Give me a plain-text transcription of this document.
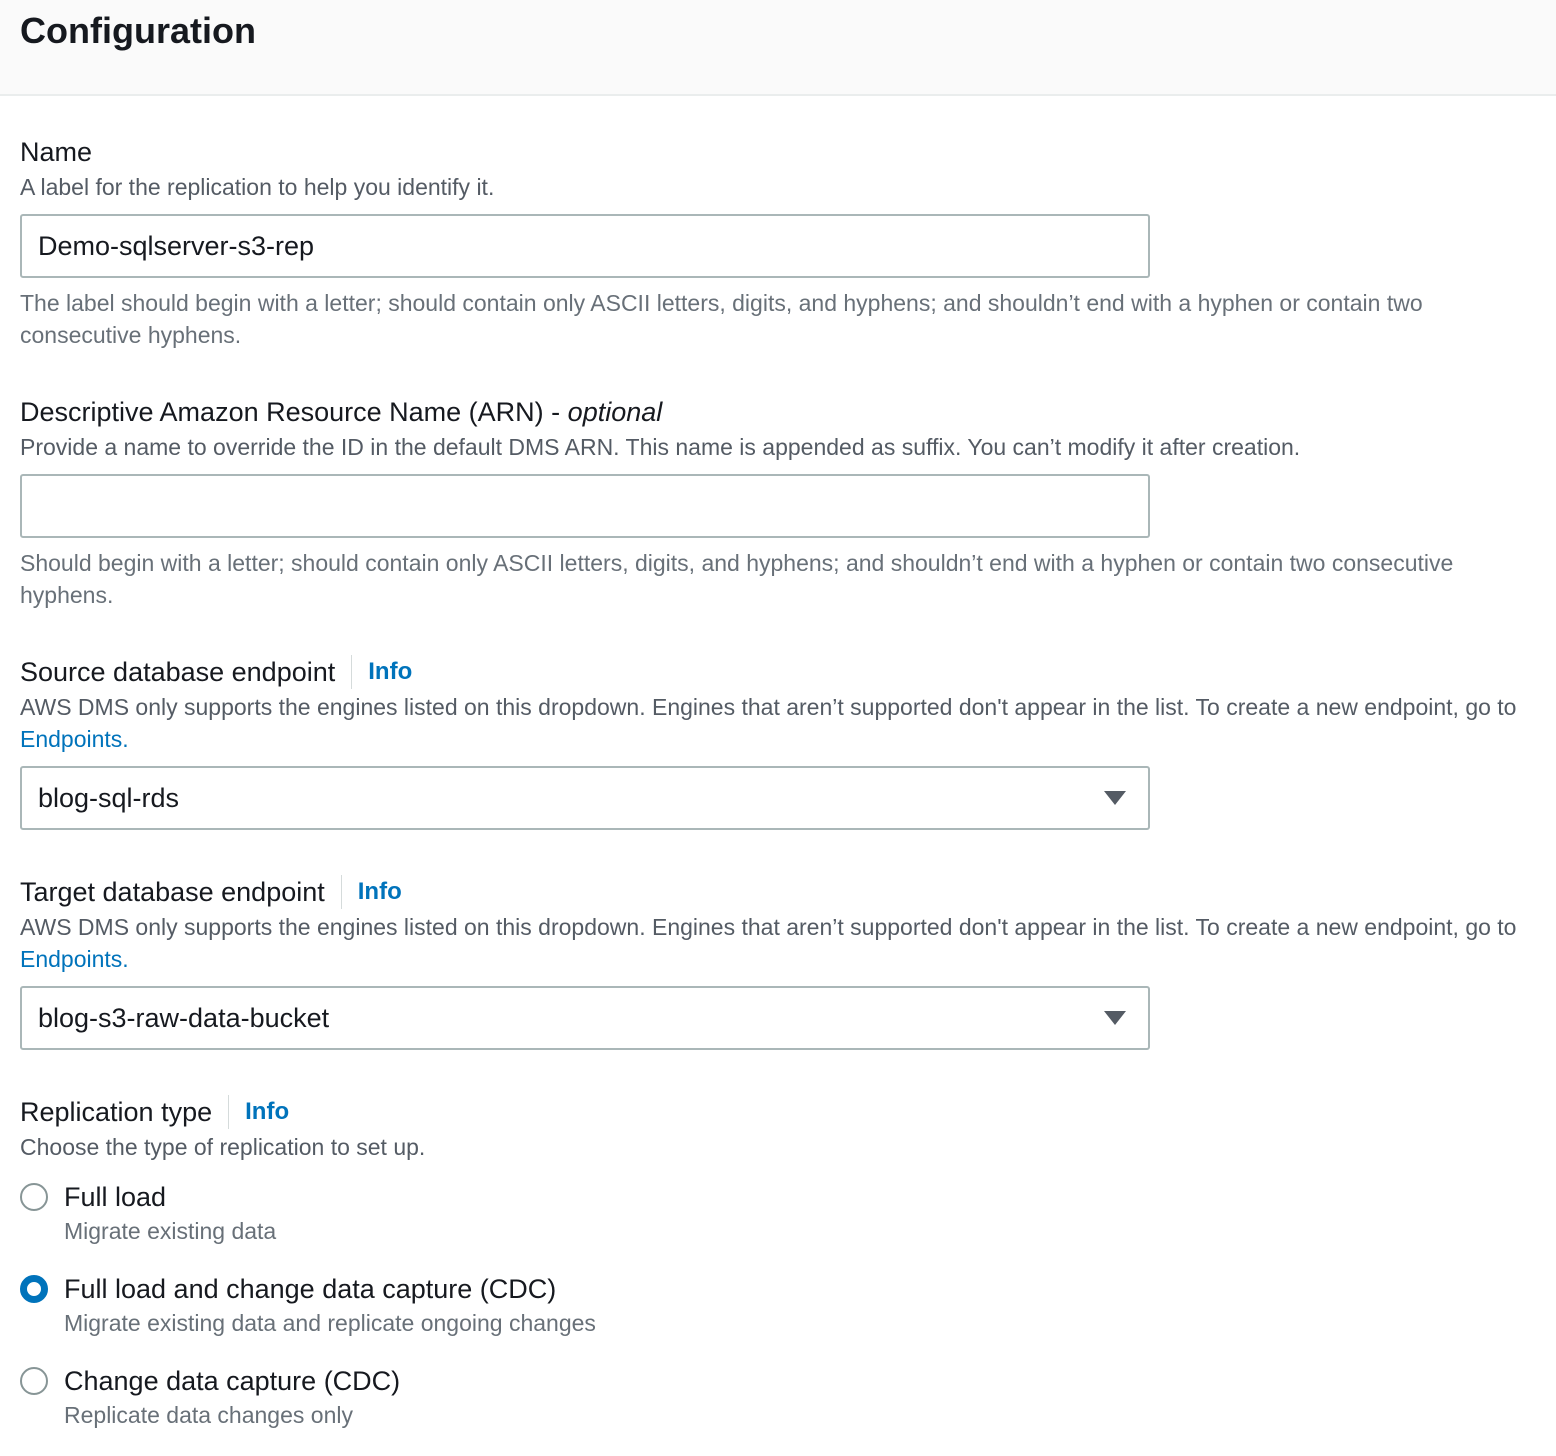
Configuration
Name
A label for the replication to help you identify it.
Demo-sqlserver-s3-rep
The label should begin with a letter; should contain only ASCII letters, digits, and hyphens; and shouldn’t end with a hyphen or contain two consecutive hyphens.
Descriptive Amazon Resource Name (ARN) - optional
Provide a name to override the ID in the default DMS ARN. This name is appended as suffix. You can’t modify it after creation.
Should begin with a letter; should contain only ASCII letters, digits, and hyphens; and shouldn’t end with a hyphen or contain two consecutive hyphens.
Source database endpoint Info
AWS DMS only supports the engines listed on this dropdown. Engines that aren’t supported don't appear in the list. To create a new endpoint, go to Endpoints.
blog-sql-rds
Target database endpoint Info
AWS DMS only supports the engines listed on this dropdown. Engines that aren’t supported don't appear in the list. To create a new endpoint, go to Endpoints.
blog-s3-raw-data-bucket
Replication type Info
Choose the type of replication to set up.
Full load
Migrate existing data
Full load and change data capture (CDC)
Migrate existing data and replicate ongoing changes
Change data capture (CDC)
Replicate data changes only
